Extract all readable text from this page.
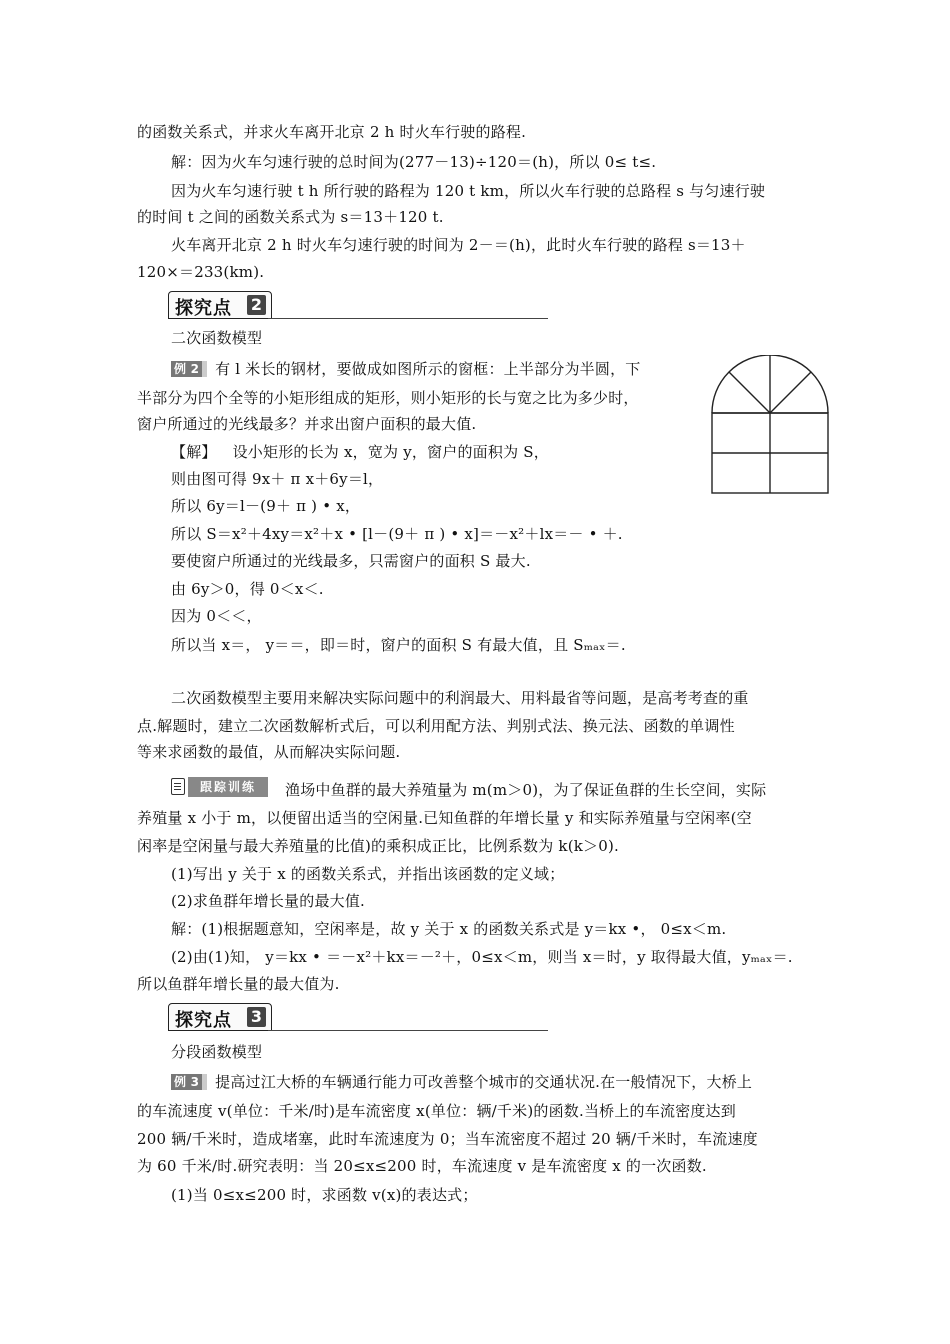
的函数关系式，并求火车离开北京 2 h 时火车行驶的路程.
解：因为火车匀速行驶的总时间为(277－13)÷120＝(h)，所以 0≤ t≤.
因为火车匀速行驶 t h 所行驶的路程为 120 t km，所以火车行驶的总路程 s 与匀速行驶
的时间 t 之间的函数关系式为 s＝13＋120 t.
火车离开北京 2 h 时火车匀速行驶的时间为 2－＝(h)，此时火车行驶的路程 s＝13＋
120×＝233(km).
探究点 2
二次函数模型
例 2 有 l 米长的钢材，要做成如图所示的窗框：上半部分为半圆，下
半部分为四个全等的小矩形组成的矩形，则小矩形的长与宽之比为多少时，
窗户所通过的光线最多？并求出窗户面积的最大值.
【解】 设小矩形的长为 x，宽为 y，窗户的面积为 S，
则由图可得 9x＋ π x＋6y＝l，
所以 6y＝l－(9＋ π ) • x，
所以 S＝x²＋4xy＝x²＋x • [l－(9＋ π ) • x]＝－x²＋lx＝－ • ＋.
要使窗户所通过的光线最多，只需窗户的面积 S 最大.
由 6y＞0，得 0＜x＜.
因为 0＜＜，
所以当 x＝， y＝＝，即＝时，窗户的面积 S 有最大值，且 Sₘₐₓ＝.
二次函数模型主要用来解决实际问题中的利润最大、用料最省等问题，是高考考查的重
点.解题时，建立二次函数解析式后，可以利用配方法、判别式法、换元法、函数的单调性
等来求函数的最值，从而解决实际问题.
跟踪训练	渔场中鱼群的最大养殖量为 m(m＞0)，为了保证鱼群的生长空间，实际
养殖量 x 小于 m，以便留出适当的空闲量.已知鱼群的年增长量 y 和实际养殖量与空闲率(空
闲率是空闲量与最大养殖量的比值)的乘积成正比，比例系数为 k(k＞0).
(1)写出 y 关于 x 的函数关系式，并指出该函数的定义域；
(2)求鱼群年增长量的最大值.
解：(1)根据题意知，空闲率是，故 y 关于 x 的函数关系式是 y＝kx •， 0≤x＜m.
(2)由(1)知， y＝kx • ＝－x²＋kx＝－²＋，0≤x＜m，则当 x＝时，y 取得最大值，yₘₐₓ＝.
所以鱼群年增长量的最大值为.
探究点 3
分段函数模型
例 3 提高过江大桥的车辆通行能力可改善整个城市的交通状况.在一般情况下，大桥上
的车流速度 v(单位：千米/时)是车流密度 x(单位：辆/千米)的函数.当桥上的车流密度达到
200 辆/千米时，造成堵塞，此时车流速度为 0；当车流密度不超过 20 辆/千米时，车流速度
为 60 千米/时.研究表明：当 20≤x≤200 时，车流速度 v 是车流密度 x 的一次函数.
(1)当 0≤x≤200 时，求函数 v(x)的表达式；
